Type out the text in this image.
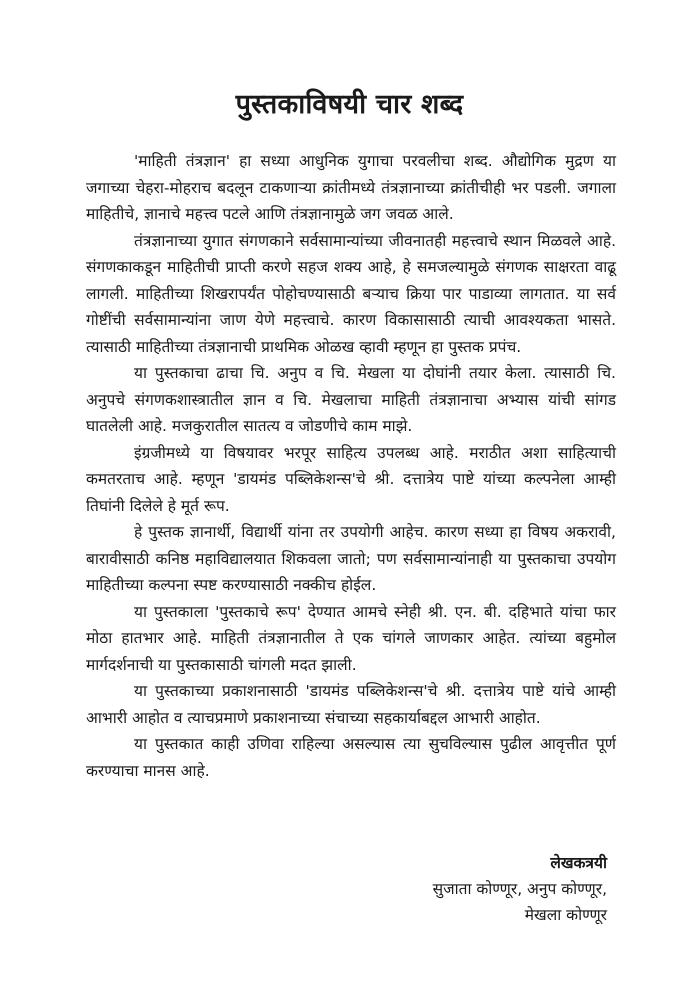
पुस्तकाविषयी चार शब्द

'माहिती तंत्रज्ञान' हा सध्या आधुनिक युगाचा परवलीचा शब्द. औद्योगिक मुद्रण या जगाच्या चेहरा-मोहराच बदलून टाकणाऱ्या क्रांतीमध्ये तंत्रज्ञानाच्या क्रांतीचीही भर पडली. जगाला माहितीचे, ज्ञानाचे महत्त्व पटले आणि तंत्रज्ञानामुळे जग जवळ आले.

तंत्रज्ञानाच्या युगात संगणकाने सर्वसामान्यांच्या जीवनातही महत्त्वाचे स्थान मिळवले आहे. संगणकाकडून माहितीची प्राप्ती करणे सहज शक्य आहे, हे समजल्यामुळे संगणक साक्षरता वाढू लागली. माहितीच्या शिखरापर्यंत पोहोचण्यासाठी बऱ्याच क्रिया पार पाडाव्या लागतात. या सर्व गोष्टींची सर्वसामान्यांना जाण येणे महत्त्वाचे. कारण विकासासाठी त्याची आवश्यकता भासते. त्यासाठी माहितीच्या तंत्रज्ञानाची प्राथमिक ओळख व्हावी म्हणून हा पुस्तक प्रपंच.

या पुस्तकाचा ढाचा चि. अनुप व चि. मेखला या दोघांनी तयार केला. त्यासाठी चि. अनुपचे संगणकशास्त्रातील ज्ञान व चि. मेखलाचा माहिती तंत्रज्ञानाचा अभ्यास यांची सांगड घातलेली आहे. मजकुरातील सातत्य व जोडणीचे काम माझे.

इंग्रजीमध्ये या विषयावर भरपूर साहित्य उपलब्ध आहे. मराठीत अशा साहित्याची कमतरताच आहे. म्हणून 'डायमंड पब्लिकेशन्स'चे श्री. दत्तात्रेय पाष्टे यांच्या कल्पनेला आम्ही तिघांनी दिलेले हे मूर्त रूप.

हे पुस्तक ज्ञानार्थी, विद्यार्थी यांना तर उपयोगी आहेच. कारण सध्या हा विषय अकरावी, बारावीसाठी कनिष्ठ महाविद्यालयात शिकवला जातो; पण सर्वसामान्यांनाही या पुस्तकाचा उपयोग माहितीच्या कल्पना स्पष्ट करण्यासाठी नक्कीच होईल.

या पुस्तकाला 'पुस्तकाचे रूप' देण्यात आमचे स्नेही श्री. एन. बी. दहिभाते यांचा फार मोठा हातभार आहे. माहिती तंत्रज्ञानातील ते एक चांगले जाणकार आहेत. त्यांच्या बहुमोल मार्गदर्शनाची या पुस्तकासाठी चांगली मदत झाली.

या पुस्तकाच्या प्रकाशनासाठी 'डायमंड पब्लिकेशन्स'चे श्री. दत्तात्रेय पाष्टे यांचे आम्ही आभारी आहोत व त्याचप्रमाणे प्रकाशनाच्या संचाच्या सहकार्याबद्दल आभारी आहोत.

या पुस्तकात काही उणिवा राहिल्या असल्यास त्या सुचविल्यास पुढील आवृत्तीत पूर्ण करण्याचा मानस आहे.

लेखकत्रयी
सुजाता कोण्णूर, अनुप कोण्णूर,
मेखला कोण्णूर
